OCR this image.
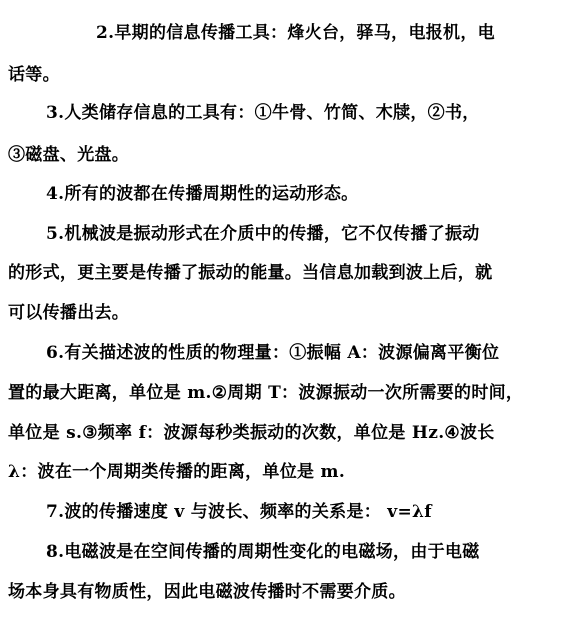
2.早期的信息传播工具：烽火台，驿马，电报机，电
话等。
3.人类储存信息的工具有：①牛骨、竹简、木牍，②书，
③磁盘、光盘。
4.所有的波都在传播周期性的运动形态。
5.机械波是振动形式在介质中的传播，它不仅传播了振动
的形式，更主要是传播了振动的能量。当信息加载到波上后，就
可以传播出去。
6.有关描述波的性质的物理量：①振幅 A：波源偏离平衡位
置的最大距离，单位是 m.②周期 T：波源振动一次所需要的时间，
单位是 s.③频率 f：波源每秒类振动的次数，单位是 Hz.④波长
λ：波在一个周期类传播的距离，单位是 m.
7.波的传播速度 v 与波长、频率的关系是： v=λf
8.电磁波是在空间传播的周期性变化的电磁场，由于电磁
场本身具有物质性，因此电磁波传播时不需要介质。
